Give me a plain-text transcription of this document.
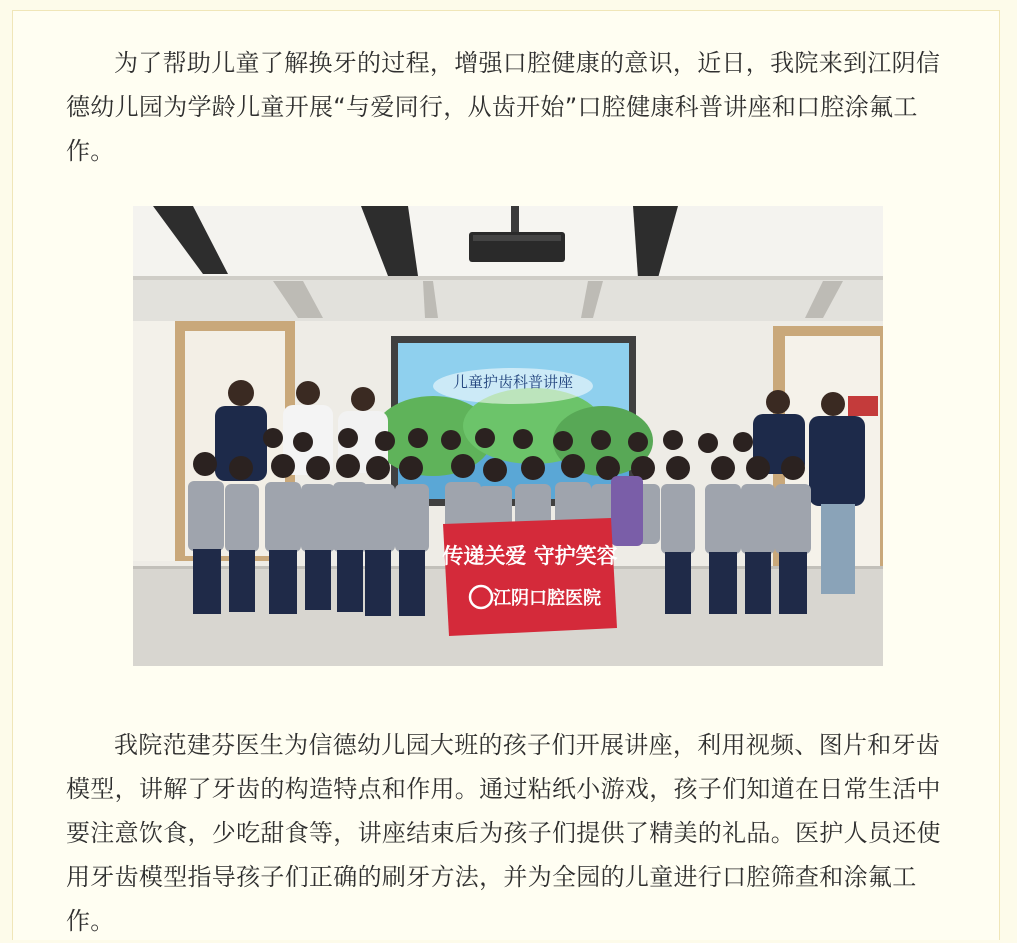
为了帮助儿童了解换牙的过程，增强口腔健康的意识，近日，我院来到江阴信德幼儿园为学龄儿童开展“与爱同行，从齿开始”口腔健康科普讲座和口腔涂氟工作。

儿童护齿科普讲座
传递关爱 守护笑容
江阴口腔医院

我院范建芬医生为信德幼儿园大班的孩子们开展讲座，利用视频、图片和牙齿模型，讲解了牙齿的构造特点和作用。通过粘纸小游戏，孩子们知道在日常生活中要注意饮食，少吃甜食等，讲座结束后为孩子们提供了精美的礼品。医护人员还使用牙齿模型指导孩子们正确的刷牙方法，并为全园的儿童进行口腔筛查和涂氟工作。
